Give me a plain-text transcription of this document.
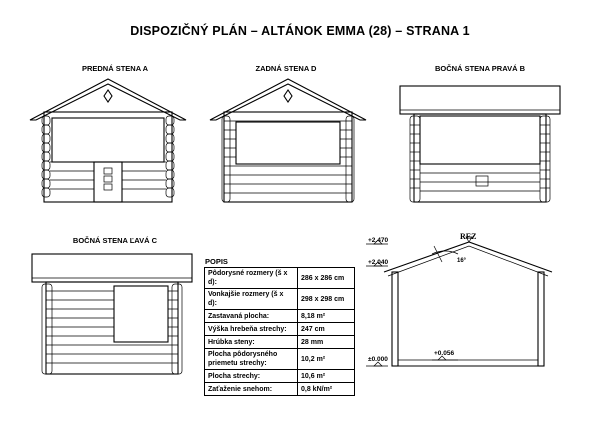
DISPOZIČNÝ PLÁN – ALTÁNOK EMMA (28) – STRANA 1
PREDNÁ STENA A	ZADNÁ STENA D	BOČNÁ STENA PRAVÁ B
BOČNÁ STENA ĽAVÁ C
POPIS
Pôdorysné rozmery (š x d):	286 x 286 cm
Vonkajšie rozmery (š x d):	298 x 298 cm
Zastavaná plocha:	8,18 m²
Výška hrebeňa strechy:	247 cm
Hrúbka steny:	28 mm
Plocha pôdorysného priemetu strechy:	10,2 m²
Plocha strechy:	10,6 m²
Zaťaženie snehom:	0,8 kN/m²
REZ
16°
+2.470
+2.040
±0.000
+0.056
